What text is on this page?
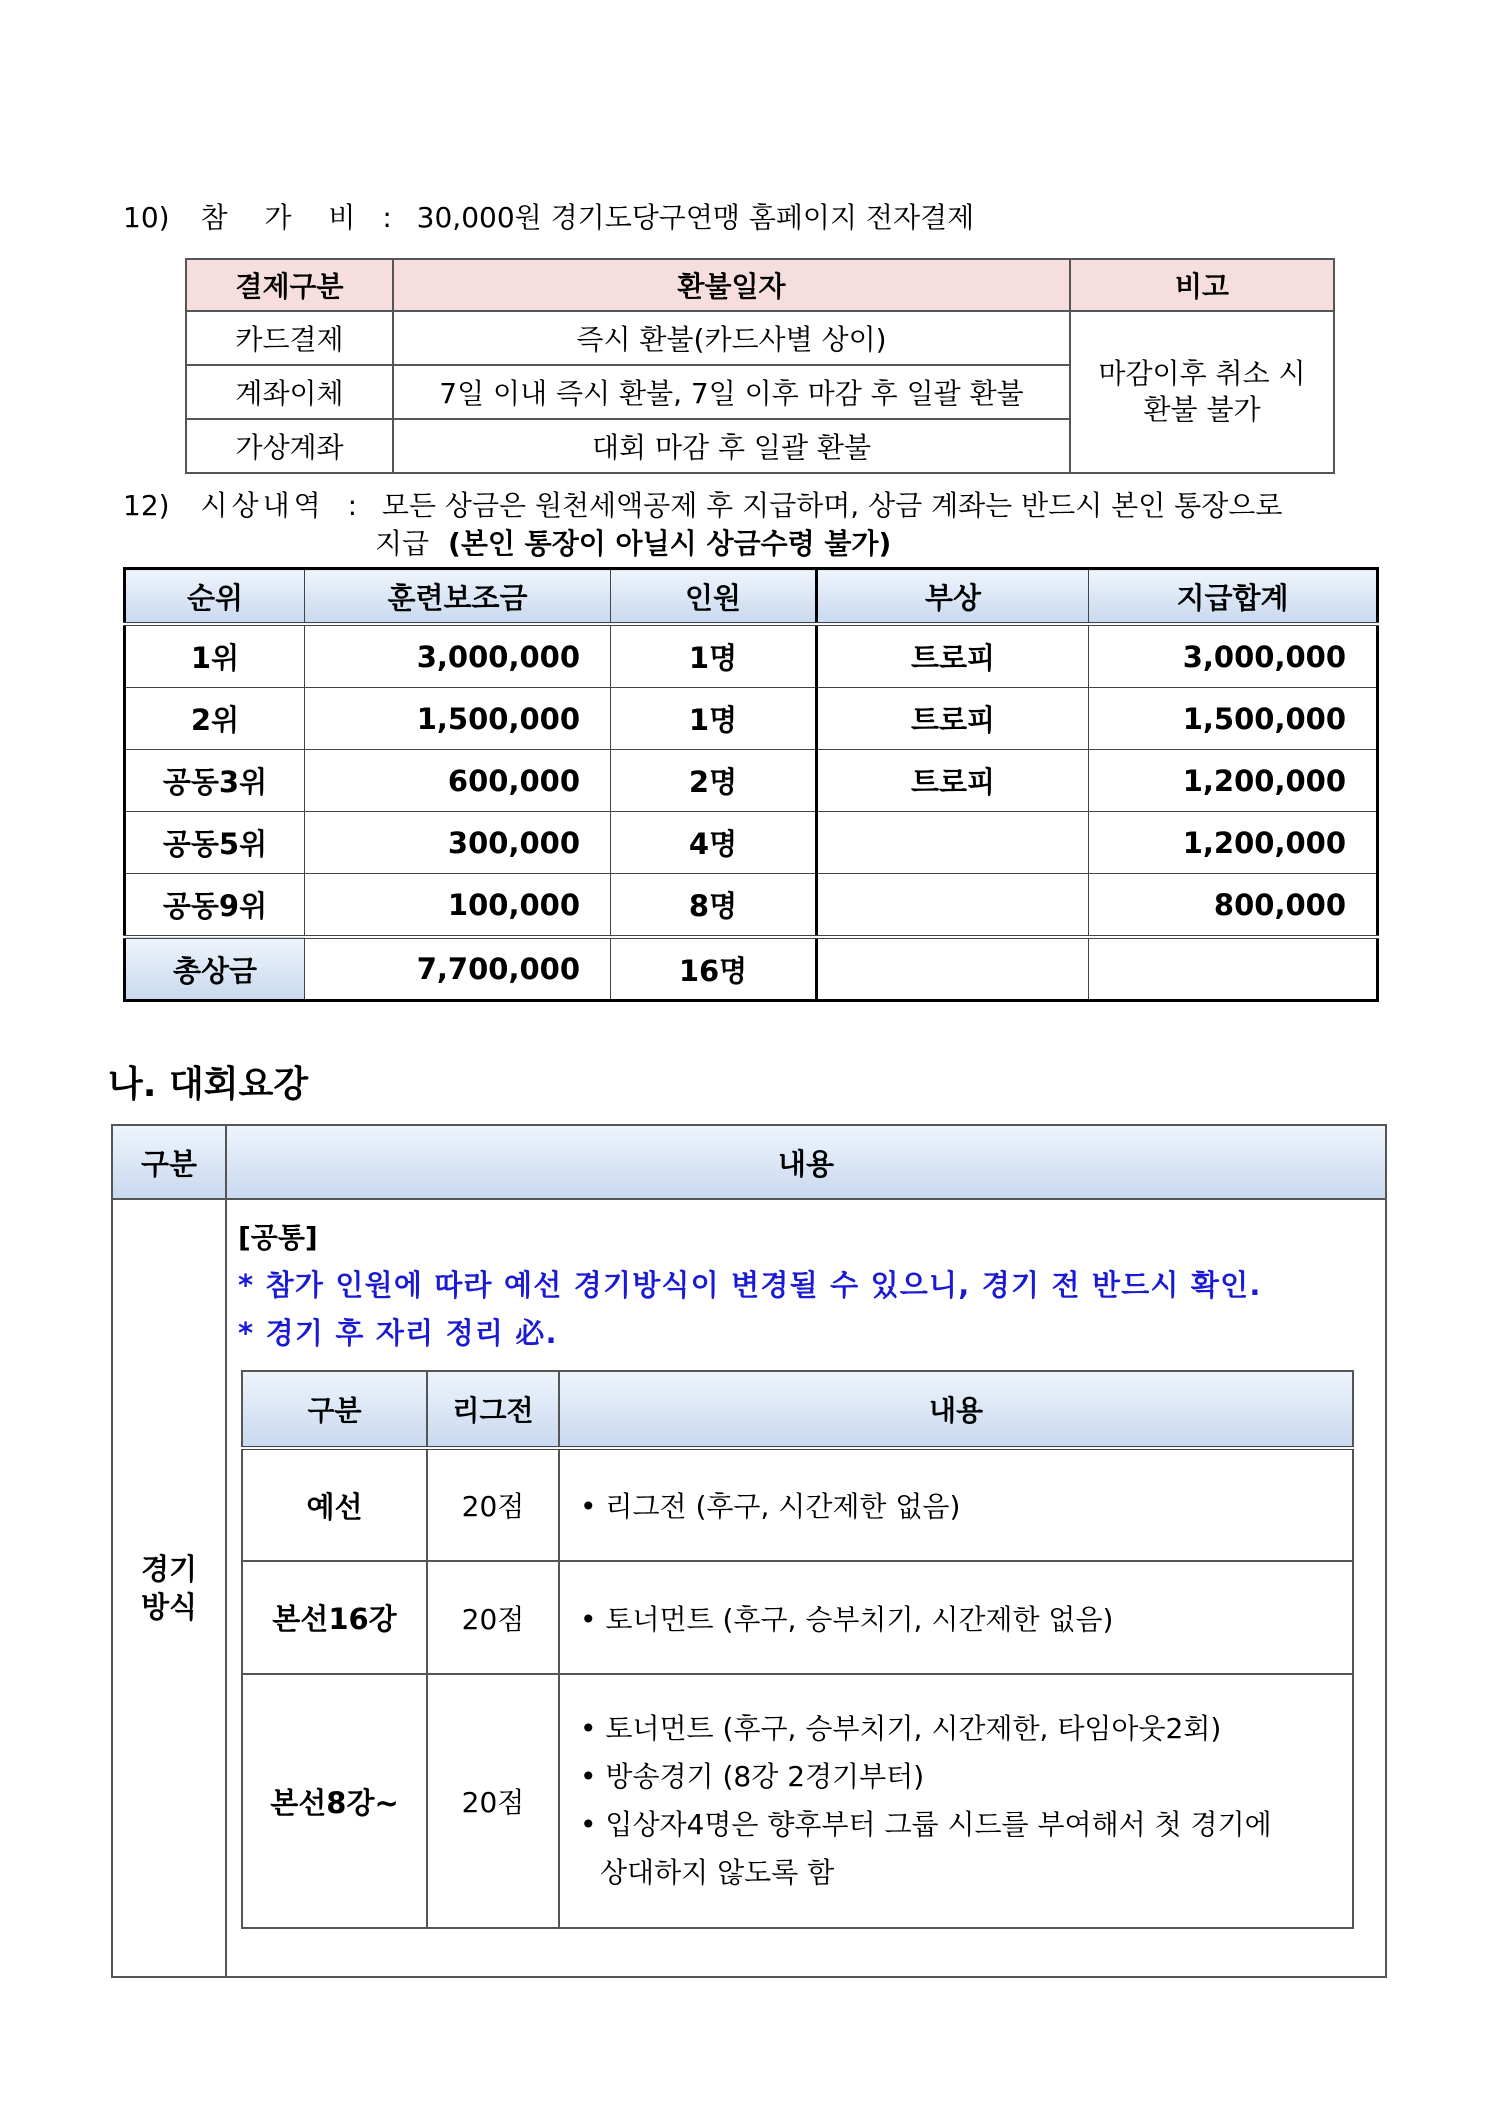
10) 참 가 비 : 30,000원 경기도당구연맹 홈페이지 전자결제
결제구분	환불일자	비고
카드결제	즉시 환불(카드사별 상이)	마감이후 취소 시
환불 불가

계좌이체	7일 이내 즉시 환불, 7일 이후 마감 후 일괄 환불	
가상계좌	대회 마감 후 일괄 환불	
12) 시상내역 : 모든 상금은 원천세액공제 후 지급하며, 상금 계좌는 반드시 본인 통장으로
지급 (본인 통장이 아닐시 상금수령 불가)
순위	훈련보조금	인원	부상	지급합계
1위	3,000,000	1명	트로피	3,000,000
2위	1,500,000	1명	트로피	1,500,000
공동3위	600,000	2명	트로피	1,200,000
공동5위	300,000	4명		1,200,000
공동9위	100,000	8명		800,000
총상금	7,700,000	16명		
나. 대회요강
구분	내용

경기
방식	

[공통]
* 참가 인원에 따라 예선 경기방식이 변경될 수 있으니, 경기 전 반드시 확인.
* 경기 후 자리 정리 必.
구분	리그전	내용
예선	20점	• 리그전 (후구, 시간제한 없음)
본선16강	20점	• 토너먼트 (후구, 승부치기, 시간제한 없음)
본선8강~	20점	• 토너먼트 (후구, 승부치기, 시간제한, 타임아웃2회)
• 방송경기 (8강 2경기부터)
• 입상자4명은 향후부터 그룹 시드를 부여해서 첫 경기에
상대하지 않도록 함
